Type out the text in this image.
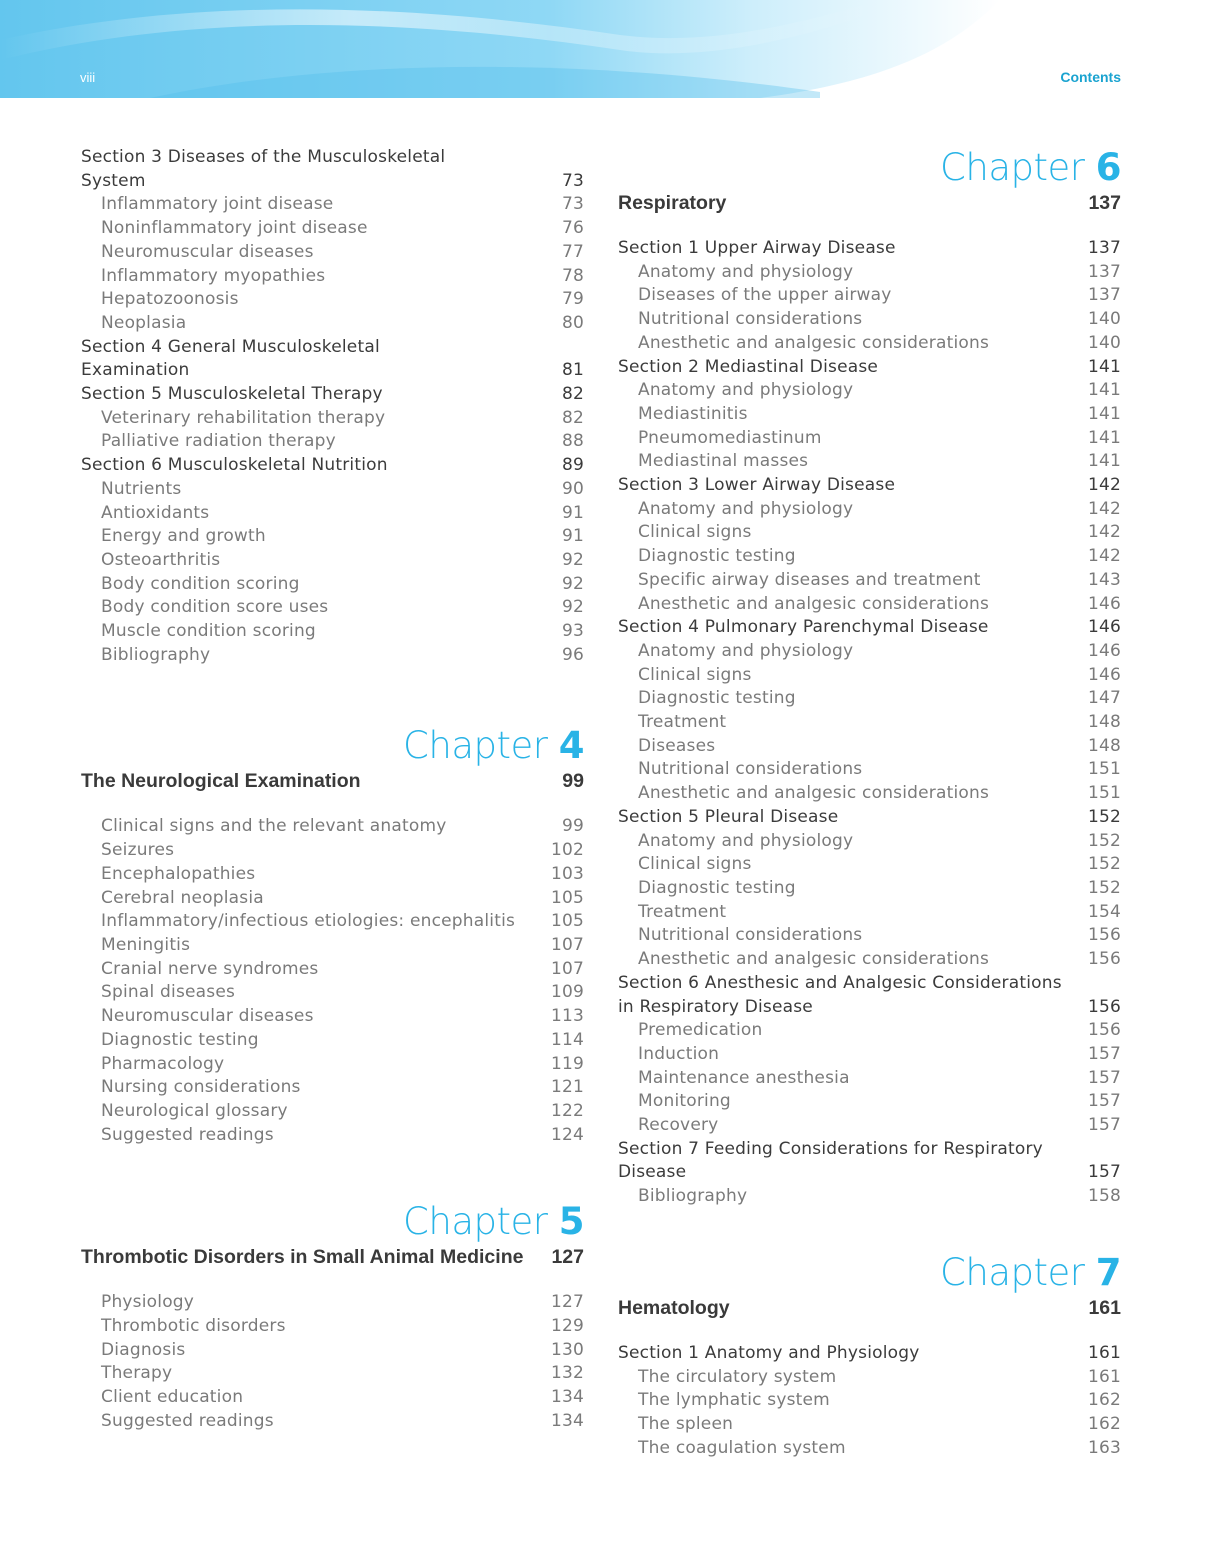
viii	Contents
Section 3 Diseases of the Musculoskeletal
System	73
Inflammatory joint disease	73
Noninflammatory joint disease	76
Neuromuscular diseases	77
Inflammatory myopathies	78
Hepatozoonosis	79
Neoplasia	80
Section 4 General Musculoskeletal
Examination	81
Section 5 Musculoskeletal Therapy	82
Veterinary rehabilitation therapy	82
Palliative radiation therapy	88
Section 6 Musculoskeletal Nutrition	89
Nutrients	90
Antioxidants	91
Energy and growth	91
Osteoarthritis	92
Body condition scoring	92
Body condition score uses	92
Muscle condition scoring	93
Bibliography	96
Chapter 4
The Neurological Examination	99
Clinical signs and the relevant anatomy	99
Seizures	102
Encephalopathies	103
Cerebral neoplasia	105
Inflammatory/infectious etiologies: encephalitis	105
Meningitis	107
Cranial nerve syndromes	107
Spinal diseases	109
Neuromuscular diseases	113
Diagnostic testing	114
Pharmacology	119
Nursing considerations	121
Neurological glossary	122
Suggested readings	124
Chapter 5
Thrombotic Disorders in Small Animal Medicine	127
Physiology	127
Thrombotic disorders	129
Diagnosis	130
Therapy	132
Client education	134
Suggested readings	134
Chapter 6
Respiratory	137
Section 1 Upper Airway Disease	137
Anatomy and physiology	137
Diseases of the upper airway	137
Nutritional considerations	140
Anesthetic and analgesic considerations	140
Section 2 Mediastinal Disease	141
Anatomy and physiology	141
Mediastinitis	141
Pneumomediastinum	141
Mediastinal masses	141
Section 3 Lower Airway Disease	142
Anatomy and physiology	142
Clinical signs	142
Diagnostic testing	142
Specific airway diseases and treatment	143
Anesthetic and analgesic considerations	146
Section 4 Pulmonary Parenchymal Disease	146
Anatomy and physiology	146
Clinical signs	146
Diagnostic testing	147
Treatment	148
Diseases	148
Nutritional considerations	151
Anesthetic and analgesic considerations	151
Section 5 Pleural Disease	152
Anatomy and physiology	152
Clinical signs	152
Diagnostic testing	152
Treatment	154
Nutritional considerations	156
Anesthetic and analgesic considerations	156
Section 6 Anesthesic and Analgesic Considerations
in Respiratory Disease	156
Premedication	156
Induction	157
Maintenance anesthesia	157
Monitoring	157
Recovery	157
Section 7 Feeding Considerations for Respiratory
Disease	157
Bibliography	158
Chapter 7
Hematology	161
Section 1 Anatomy and Physiology	161
The circulatory system	161
The lymphatic system	162
The spleen	162
The coagulation system	163
